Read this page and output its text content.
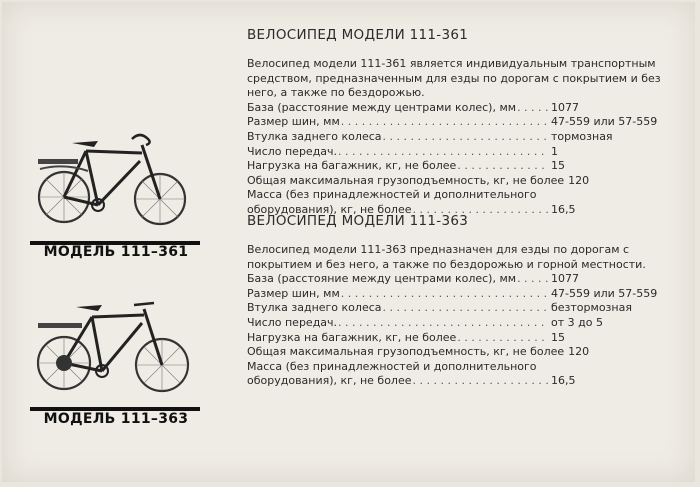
МОДЕЛЬ 111–361
МОДЕЛЬ 111–363
ВЕЛОСИПЕД МОДЕЛИ 111-361

Велосипед модели 111-361 является индивидуальным транспортным средством, предназначенным для езды по дорогам с покрытием и без него, а также по бездорожью.

База (расстояние между центрами колес), мм . . .	1077
Размер шин, мм . . .	47-559 или 57-559
Втулка заднего колеса . . .	тормозная
Число передач. . . .	1
Нагрузка на багажник, кг, не более . . .	15
Общая максимальная грузоподъемность, кг, не более 120
Масса (без принадлежностей и дополнительного
оборудования), кг, не более . . .	16,5
ВЕЛОСИПЕД МОДЕЛИ 111-363

Велосипед модели 111-363 предназначен для езды по дорогам с покрытием и без него, а также по бездорожью и горной местности.

База (расстояние между центрами колес), мм . . .	1077
Размер шин, мм . . .	47-559 или 57-559
Втулка заднего колеса . . .	безтормозная
Число передач. . . .	от 3 до 5
Нагрузка на багажник, кг, не более . . .	15
Общая максимальная грузоподъемность, кг, не более 120
Масса (без принадлежностей и дополнительного
оборудования), кг, не более . . .	16,5
